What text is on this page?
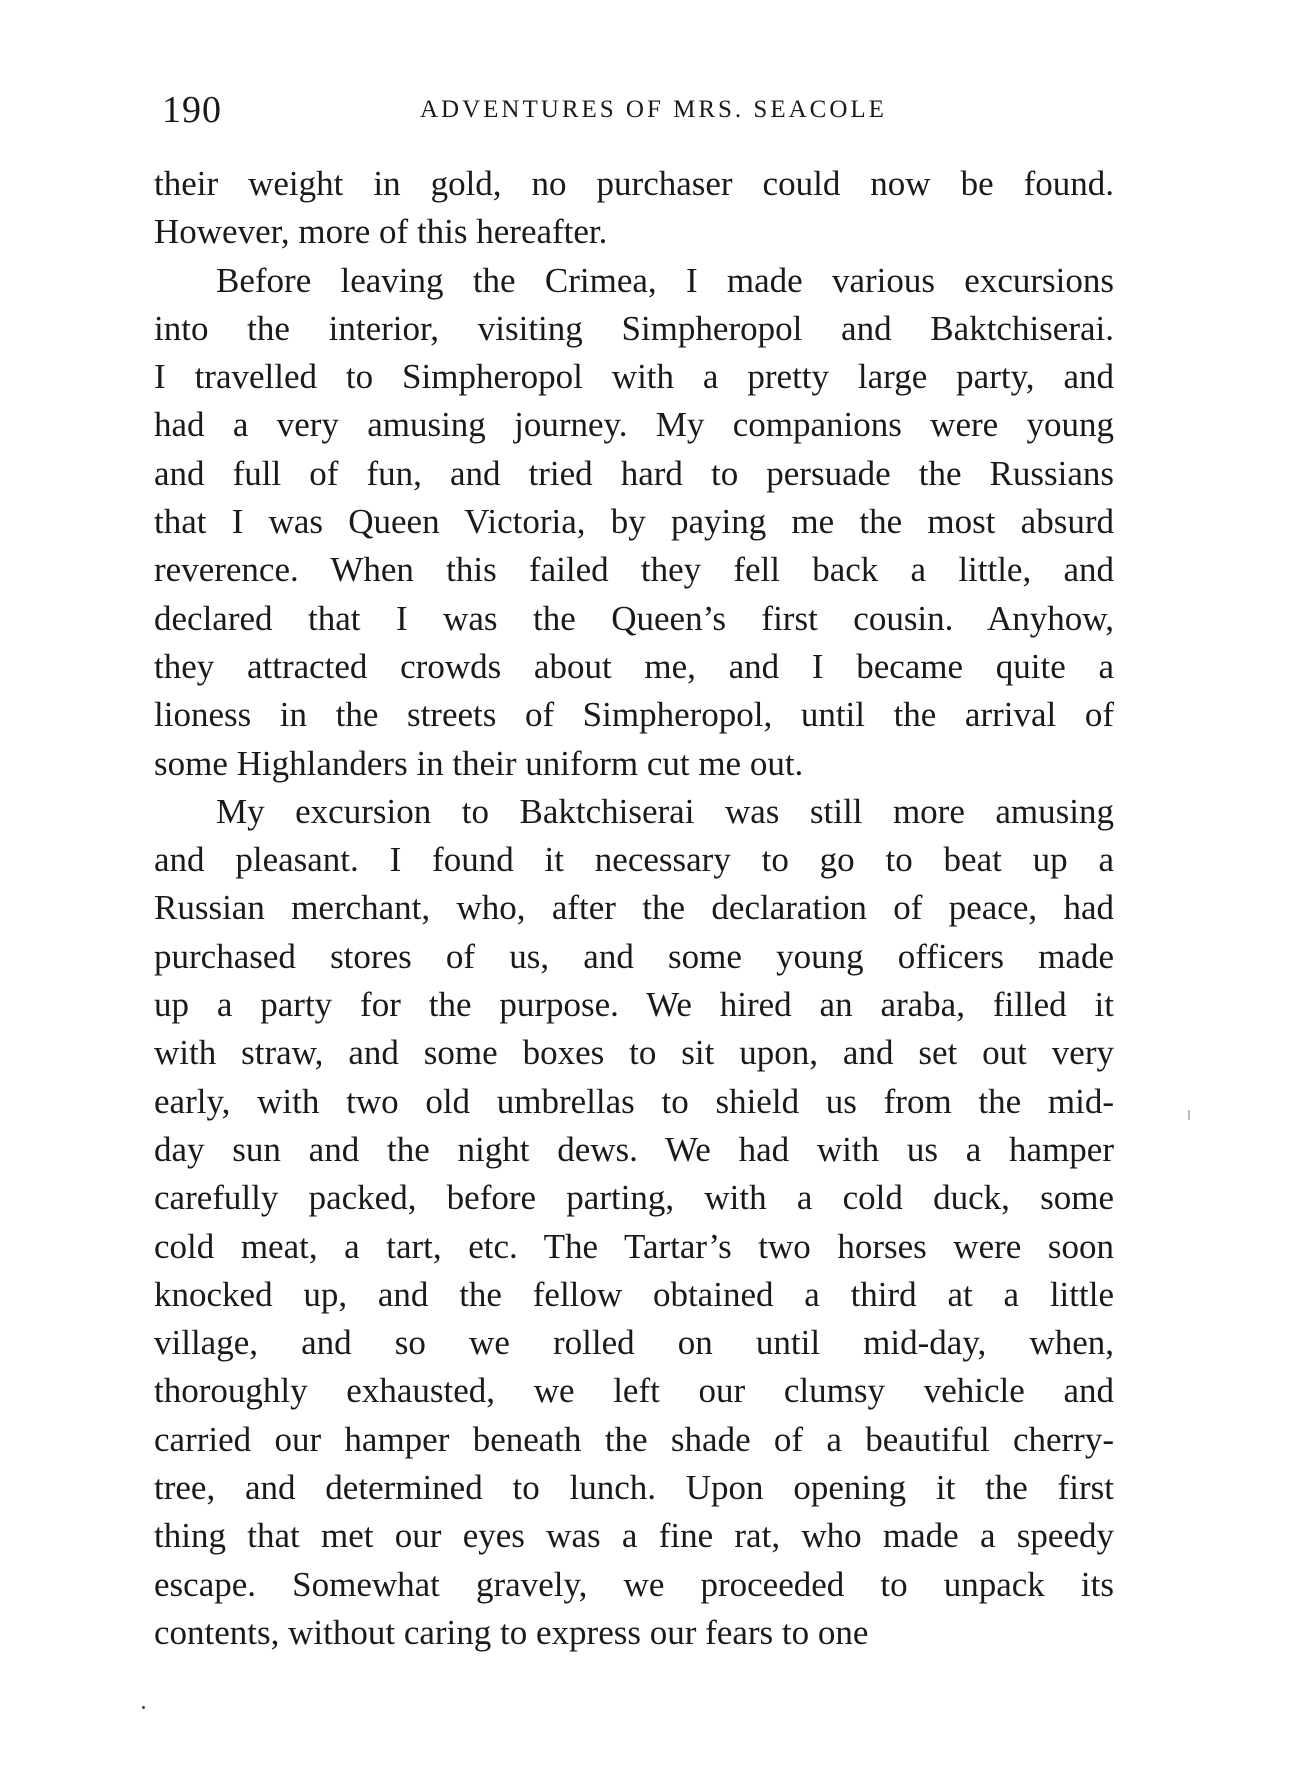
190	ADVENTURES OF MRS. SEACOLE
their weight in gold, no purchaser could now be found.
However, more of this hereafter.
Before leaving the Crimea, I made various excursions
into the interior, visiting Simpheropol and Baktchiserai.
I travelled to Simpheropol with a pretty large party, and
had a very amusing journey. My companions were young
and full of fun, and tried hard to persuade the Russians
that I was Queen Victoria, by paying me the most absurd
reverence. When this failed they fell back a little, and
declared that I was the Queen’s first cousin. Anyhow,
they attracted crowds about me, and I became quite a
lioness in the streets of Simpheropol, until the arrival of
some Highlanders in their uniform cut me out.
My excursion to Baktchiserai was still more amusing
and pleasant. I found it necessary to go to beat up a
Russian merchant, who, after the declaration of peace, had
purchased stores of us, and some young officers made
up a party for the purpose. We hired an araba, filled it
with straw, and some boxes to sit upon, and set out very
early, with two old umbrellas to shield us from the mid-
day sun and the night dews. We had with us a hamper
carefully packed, before parting, with a cold duck, some
cold meat, a tart, etc. The Tartar’s two horses were soon
knocked up, and the fellow obtained a third at a little
village, and so we rolled on until mid-day, when,
thoroughly exhausted, we left our clumsy vehicle and
carried our hamper beneath the shade of a beautiful cherry-
tree, and determined to lunch. Upon opening it the first
thing that met our eyes was a fine rat, who made a speedy
escape. Somewhat gravely, we proceeded to unpack its
contents, without caring to express our fears to one
